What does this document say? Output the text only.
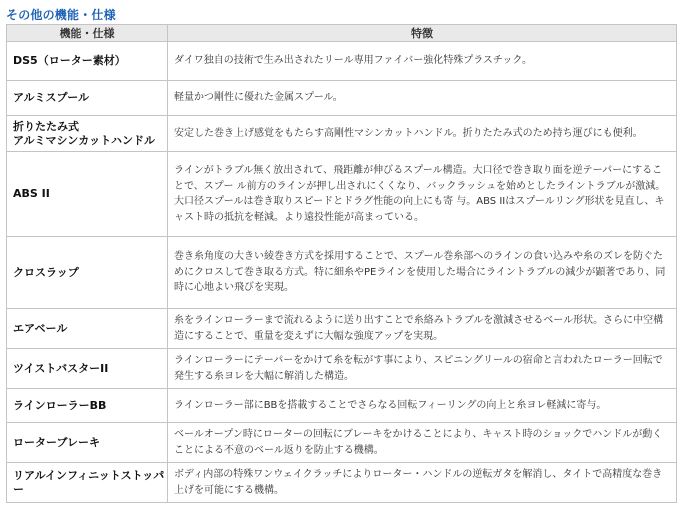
その他の機能・仕様
機能・仕様	特徴
DS5（ローター素材）	ダイワ独自の技術で生み出されたリール専用ファイバー強化特殊プラスチック。
アルミスプール	軽量かつ剛性に優れた金属スプール。
折りたたみ式
アルミマシンカットハンドル	安定した巻き上げ感覚をもたらす高剛性マシンカットハンドル。折りたたみ式のため持ち運びにも便利。
ABS II	ラインがトラブル無く放出されて、飛距離が伸びるスプール構造。大口径で巻き取り面を逆テーパーにすることで、スプー ル前方のラインが押し出されにくくなり、バックラッシュを始めとしたライントラブルが激減。大口径スプールは巻き取りスピードとドラグ性能の向上にも寄 与。ABS IIはスプールリング形状を見直し、キャスト時の抵抗を軽減。より遠投性能が高まっている。
クロスラップ	巻き糸角度の大きい綾巻き方式を採用することで、スプール巻糸部へのラインの食い込みや糸のズレを防ぐためにクロスして巻き取る方式。特に細糸やPEラインを使用した場合にライントラブルの減少が顕著であり、同時に心地よい飛びを実現。
エアベール	糸をラインローラーまで流れるように送り出すことで糸絡みトラブルを激減させるベール形状。さらに中空構造にすることで、重量を変えずに大幅な強度アップを実現。
ツイストバスターII	ラインローラーにテーパーをかけて糸を転がす事により、スピニングリールの宿命と言われたローラー回転で発生する糸ヨレを大幅に解消した構造。
ラインローラーBB	ラインローラー部にBBを搭載することでさらなる回転フィーリングの向上と糸ヨレ軽減に寄与。
ローターブレーキ	ベールオープン時にローターの回転にブレーキをかけることにより、キャスト時のショックでハンドルが動くことによる不意のベール返りを防止する機構。
リアルインフィニットストッパー	ボディ内部の特殊ワンウェイクラッチによりローター・ハンドルの逆転ガタを解消し、タイトで高精度な巻き上げを可能にする機構。
